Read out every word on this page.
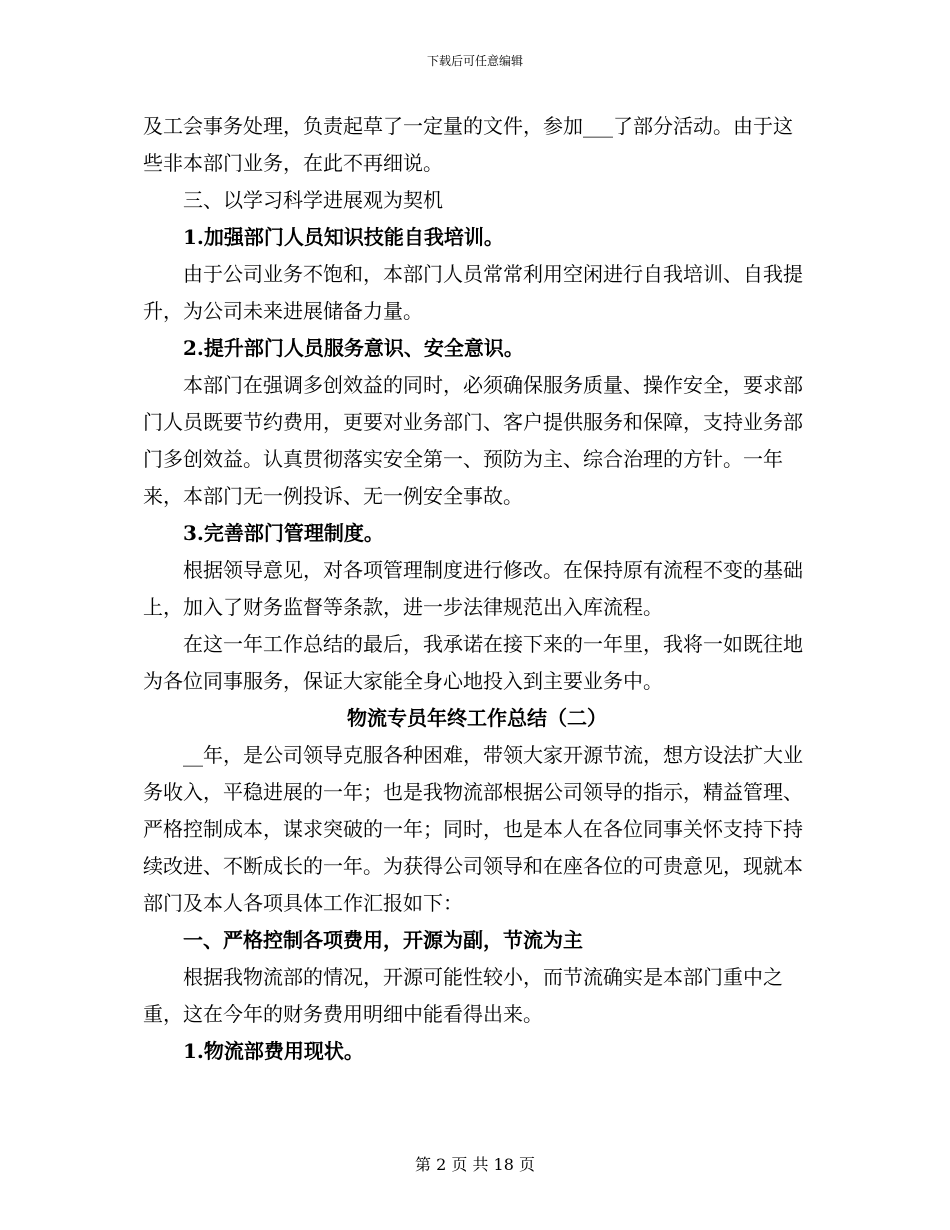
下载后可任意编辑

及工会事务处理，负责起草了一定量的文件，参加___了部分活动。由于这些非本部门业务，在此不再细说。

三、以学习科学进展观为契机

1.加强部门人员知识技能自我培训。

由于公司业务不饱和，本部门人员常常利用空闲进行自我培训、自我提升，为公司未来进展储备力量。

2.提升部门人员服务意识、安全意识。

本部门在强调多创效益的同时，必须确保服务质量、操作安全，要求部门人员既要节约费用，更要对业务部门、客户提供服务和保障，支持业务部门多创效益。认真贯彻落实安全第一、预防为主、综合治理的方针。一年来，本部门无一例投诉、无一例安全事故。

3.完善部门管理制度。

根据领导意见，对各项管理制度进行修改。在保持原有流程不变的基础上，加入了财务监督等条款，进一步法律规范出入库流程。

在这一年工作总结的最后，我承诺在接下来的一年里，我将一如既往地为各位同事服务，保证大家能全身心地投入到主要业务中。

物流专员年终工作总结（二）

__年，是公司领导克服各种困难，带领大家开源节流，想方设法扩大业务收入，平稳进展的一年；也是我物流部根据公司领导的指示，精益管理、严格控制成本，谋求突破的一年；同时，也是本人在各位同事关怀支持下持续改进、不断成长的一年。为获得公司领导和在座各位的可贵意见，现就本部门及本人各项具体工作汇报如下：

一、严格控制各项费用，开源为副，节流为主

根据我物流部的情况，开源可能性较小，而节流确实是本部门重中之重，这在今年的财务费用明细中能看得出来。

1.物流部费用现状。

第 2 页 共 18 页
